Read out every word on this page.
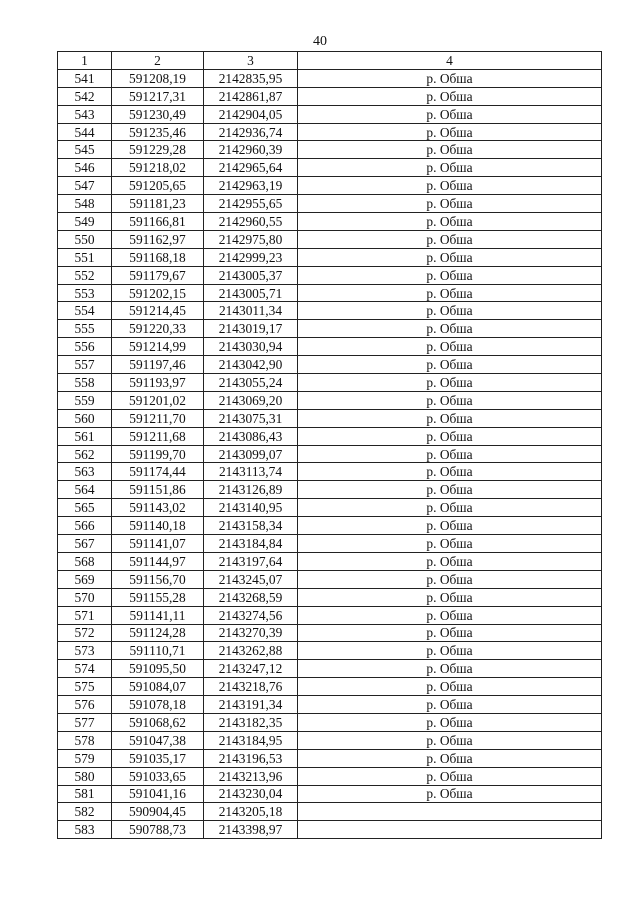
40
1	2	3	4
541	591208,19	2142835,95	р. Обша
542	591217,31	2142861,87	р. Обша
543	591230,49	2142904,05	р. Обша
544	591235,46	2142936,74	р. Обша
545	591229,28	2142960,39	р. Обша
546	591218,02	2142965,64	р. Обша
547	591205,65	2142963,19	р. Обша
548	591181,23	2142955,65	р. Обша
549	591166,81	2142960,55	р. Обша
550	591162,97	2142975,80	р. Обша
551	591168,18	2142999,23	р. Обша
552	591179,67	2143005,37	р. Обша
553	591202,15	2143005,71	р. Обша
554	591214,45	2143011,34	р. Обша
555	591220,33	2143019,17	р. Обша
556	591214,99	2143030,94	р. Обша
557	591197,46	2143042,90	р. Обша
558	591193,97	2143055,24	р. Обша
559	591201,02	2143069,20	р. Обша
560	591211,70	2143075,31	р. Обша
561	591211,68	2143086,43	р. Обша
562	591199,70	2143099,07	р. Обша
563	591174,44	2143113,74	р. Обша
564	591151,86	2143126,89	р. Обша
565	591143,02	2143140,95	р. Обша
566	591140,18	2143158,34	р. Обша
567	591141,07	2143184,84	р. Обша
568	591144,97	2143197,64	р. Обша
569	591156,70	2143245,07	р. Обша
570	591155,28	2143268,59	р. Обша
571	591141,11	2143274,56	р. Обша
572	591124,28	2143270,39	р. Обша
573	591110,71	2143262,88	р. Обша
574	591095,50	2143247,12	р. Обша
575	591084,07	2143218,76	р. Обша
576	591078,18	2143191,34	р. Обша
577	591068,62	2143182,35	р. Обша
578	591047,38	2143184,95	р. Обша
579	591035,17	2143196,53	р. Обша
580	591033,65	2143213,96	р. Обша
581	591041,16	2143230,04	р. Обша
582	590904,45	2143205,18	
583	590788,73	2143398,97	
